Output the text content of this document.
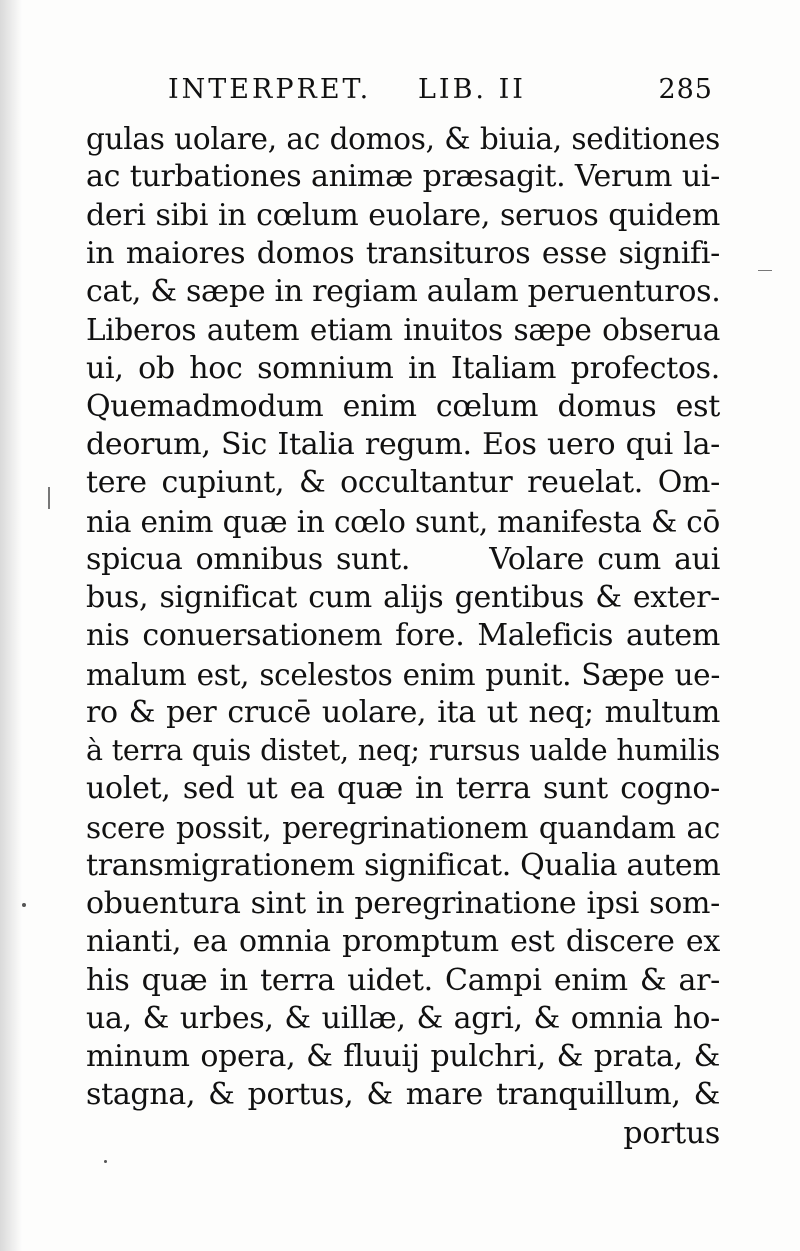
INTERPRET. LIB. II	285
gulas uolare, ac domos, & biuia, seditiones
ac turbationes animæ præsagit. Verum ui-
deri sibi in cœlum euolare, seruos quidem
in maiores domos transituros esse signifi-
cat, & sæpe in regiam aulam peruenturos.
Liberos autem etiam inuitos sæpe obserua
ui, ob hoc somnium in Italiam profectos.
Quemadmodum enim cœlum domus est
deorum, Sic Italia regum. Eos uero qui la-
tere cupiunt, & occultantur reuelat. Om-
nia enim quæ in cœlo sunt, manifesta & cō
spicua omnibus sunt.      Volare cum aui
bus, significat cum alijs gentibus & exter-
nis conuersationem fore. Maleficis autem
malum est, scelestos enim punit. Sæpe ue-
ro & per crucē uolare, ita ut neq; multum
à terra quis distet, neq; rursus ualde humilis
uolet, sed ut ea quæ in terra sunt cogno-
scere possit, peregrinationem quandam ac
transmigrationem significat. Qualia autem
obuentura sint in peregrinatione ipsi som-
nianti, ea omnia promptum est discere ex
his quæ in terra uidet. Campi enim & ar-
ua, & urbes, & uillæ, & agri, & omnia ho-
minum opera, & fluuij pulchri, & prata, &
stagna, & portus, & mare tranquillum, &
portus
